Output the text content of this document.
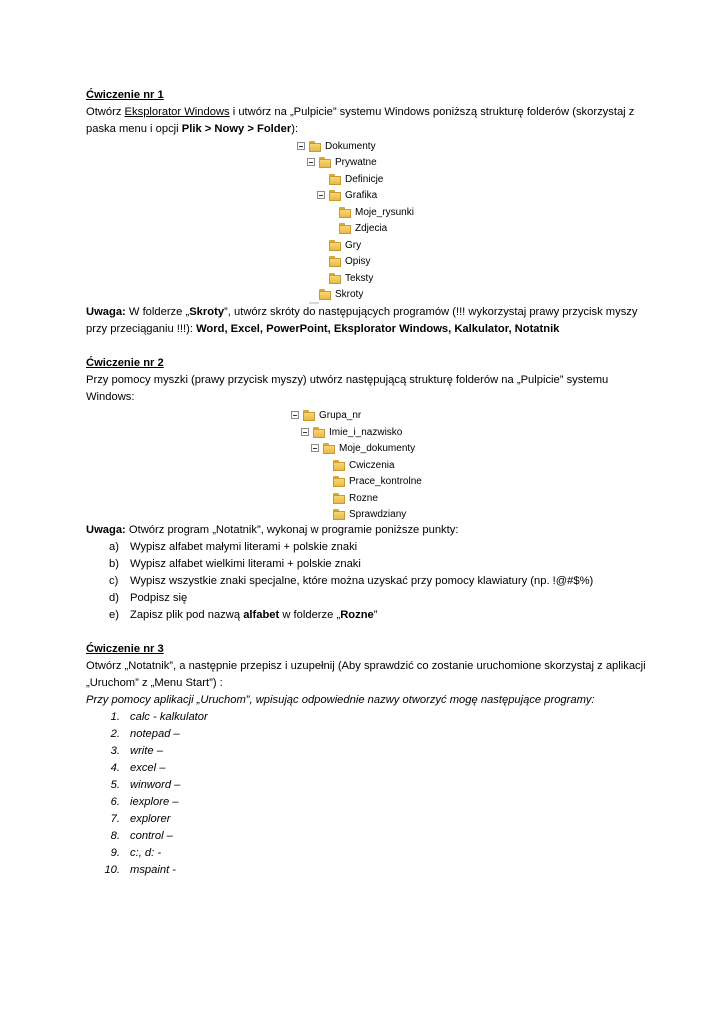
Ćwiczenie nr 1

Otwórz Eksplorator Windows i utwórz na „Pulpicie” systemu Windows poniższą strukturę folderów (skorzystaj z paska menu i opcji Plik > Nowy > Folder):

Dokumenty
Prywatne
Definicje
Grafika
Moje_rysunki
Zdjecia
Gry
Opisy
Teksty
Skroty

Uwaga: W folderze „Skroty”, utwórz skróty do następujących programów (!!! wykorzystaj prawy przycisk myszy przy przeciąganiu !!!): Word, Excel, PowerPoint, Eksplorator Windows, Kalkulator, Notatnik

Ćwiczenie nr 2

Przy pomocy myszki (prawy przycisk myszy) utwórz następującą strukturę folderów na „Pulpicie” systemu Windows:

Grupa_nr
Imie_i_nazwisko
Moje_dokumenty
Cwiczenia
Prace_kontrolne
Rozne
Sprawdziany

Uwaga: Otwórz program „Notatnik”, wykonaj w programie poniższe punkty:

a) Wypisz alfabet małymi literami + polskie znaki
b) Wypisz alfabet wielkimi literami + polskie znaki
c) Wypisz wszystkie znaki specjalne, które można uzyskać przy pomocy klawiatury (np. !@#$%)
d) Podpisz się
e) Zapisz plik pod nazwą alfabet w folderze „Rozne”

Ćwiczenie nr 3

Otwórz „Notatnik”, a następnie przepisz i uzupełnij (Aby sprawdzić co zostanie uruchomione skorzystaj z aplikacji „Uruchom” z „Menu Start”) :

Przy pomocy aplikacji „Uruchom”, wpisując odpowiednie nazwy otworzyć mogę następujące programy:

1. calc - kalkulator
2. notepad –
3. write –
4. excel –
5. winword –
6. iexplore –
7. explorer
8. control –
9. c:, d: -
10. mspaint -
